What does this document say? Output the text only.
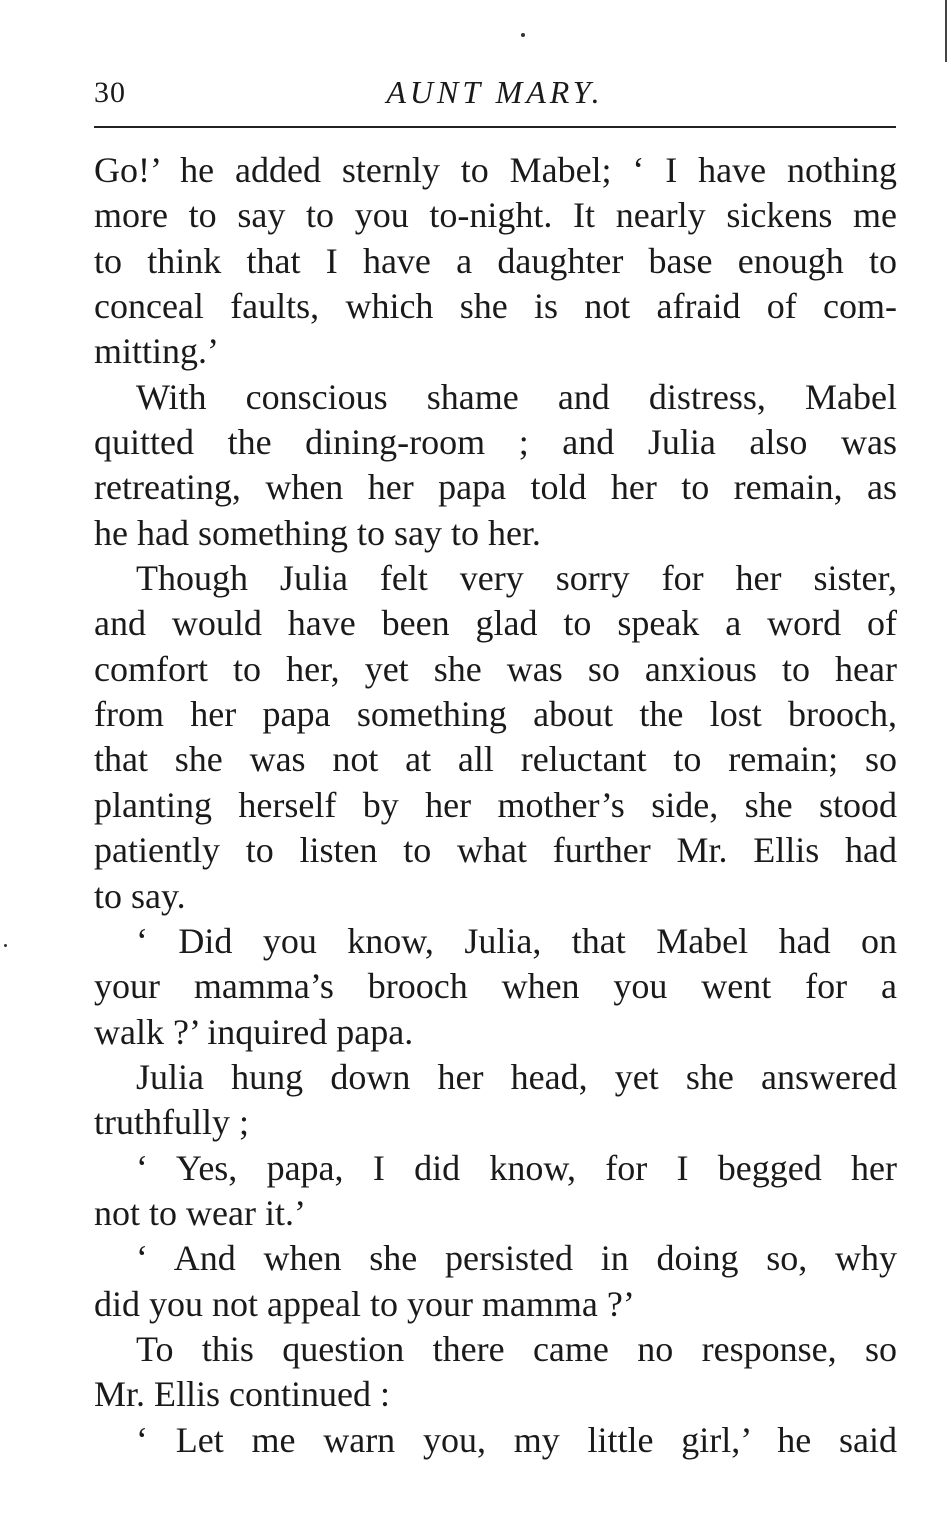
30	AUNT MARY.
Go!’ he added sternly to Mabel; ‘ I have nothing
more to say to you to-night. It nearly sickens me
to think that I have a daughter base enough to
conceal faults, which she is not afraid of com-
mitting.’
With conscious shame and distress, Mabel
quitted the dining-room ; and Julia also was
retreating, when her papa told her to remain, as
he had something to say to her.
Though Julia felt very sorry for her sister,
and would have been glad to speak a word of
comfort to her, yet she was so anxious to hear
from her papa something about the lost brooch,
that she was not at all reluctant to remain; so
planting herself by her mother’s side, she stood
patiently to listen to what further Mr. Ellis had
to say.
‘ Did you know, Julia, that Mabel had on
your mamma’s brooch when you went for a
walk ?’ inquired papa.
Julia hung down her head, yet she answered
truthfully ;
‘ Yes, papa, I did know, for I begged her
not to wear it.’
‘ And when she persisted in doing so, why
did you not appeal to your mamma ?’
To this question there came no response, so
Mr. Ellis continued :
‘ Let me warn you, my little girl,’ he said
